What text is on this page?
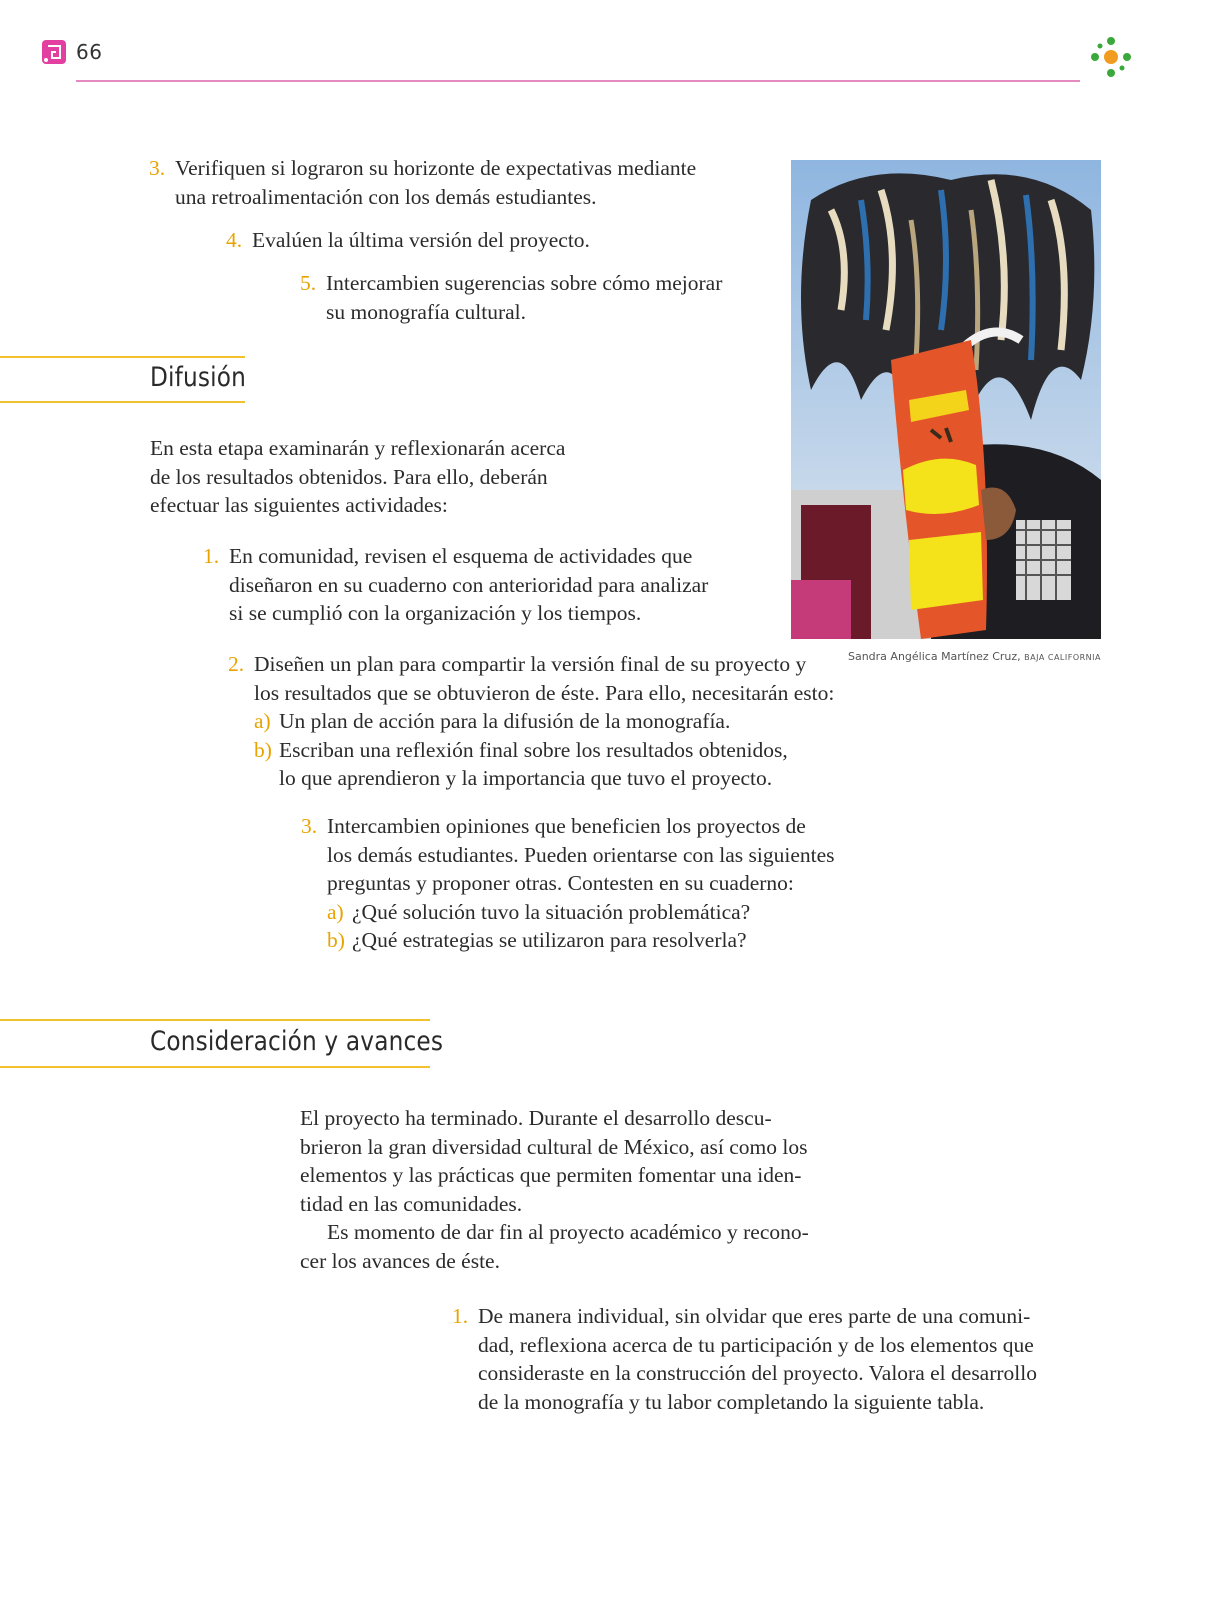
66
3. Verifiquen si lograron su horizonte de expectativas mediante
una retroalimentación con los demás estudiantes.
4. Evalúen la última versión del proyecto.
5. Intercambien sugerencias sobre cómo mejorar
su monografía cultural.
Difusión
En esta etapa examinarán y reflexionarán acerca
de los resultados obtenidos. Para ello, deberán
efectuar las siguientes actividades:
1. En comunidad, revisen el esquema de actividades que
diseñaron en su cuaderno con anterioridad para analizar
si se cumplió con la organización y los tiempos.
2. Diseñen un plan para compartir la versión final de su proyecto y
los resultados que se obtuvieron de éste. Para ello, necesitarán esto:
a) Un plan de acción para la difusión de la monografía.
b) Escriban una reflexión final sobre los resultados obtenidos,
lo que aprendieron y la importancia que tuvo el proyecto.
3. Intercambien opiniones que beneficien los proyectos de
los demás estudiantes. Pueden orientarse con las siguientes
preguntas y proponer otras. Contesten en su cuaderno:
a) ¿Qué solución tuvo la situación problemática?
b) ¿Qué estrategias se utilizaron para resolverla?
Sandra Angélica Martínez Cruz, BAJA CALIFORNIA
Consideración y avances
El proyecto ha terminado. Durante el desarrollo descu-
brieron la gran diversidad cultural de México, así como los
elementos y las prácticas que permiten fomentar una iden-
tidad en las comunidades.
Es momento de dar fin al proyecto académico y recono-
cer los avances de éste.
1. De manera individual, sin olvidar que eres parte de una comuni-
dad, reflexiona acerca de tu participación y de los elementos que
consideraste en la construcción del proyecto. Valora el desarrollo
de la monografía y tu labor completando la siguiente tabla.
